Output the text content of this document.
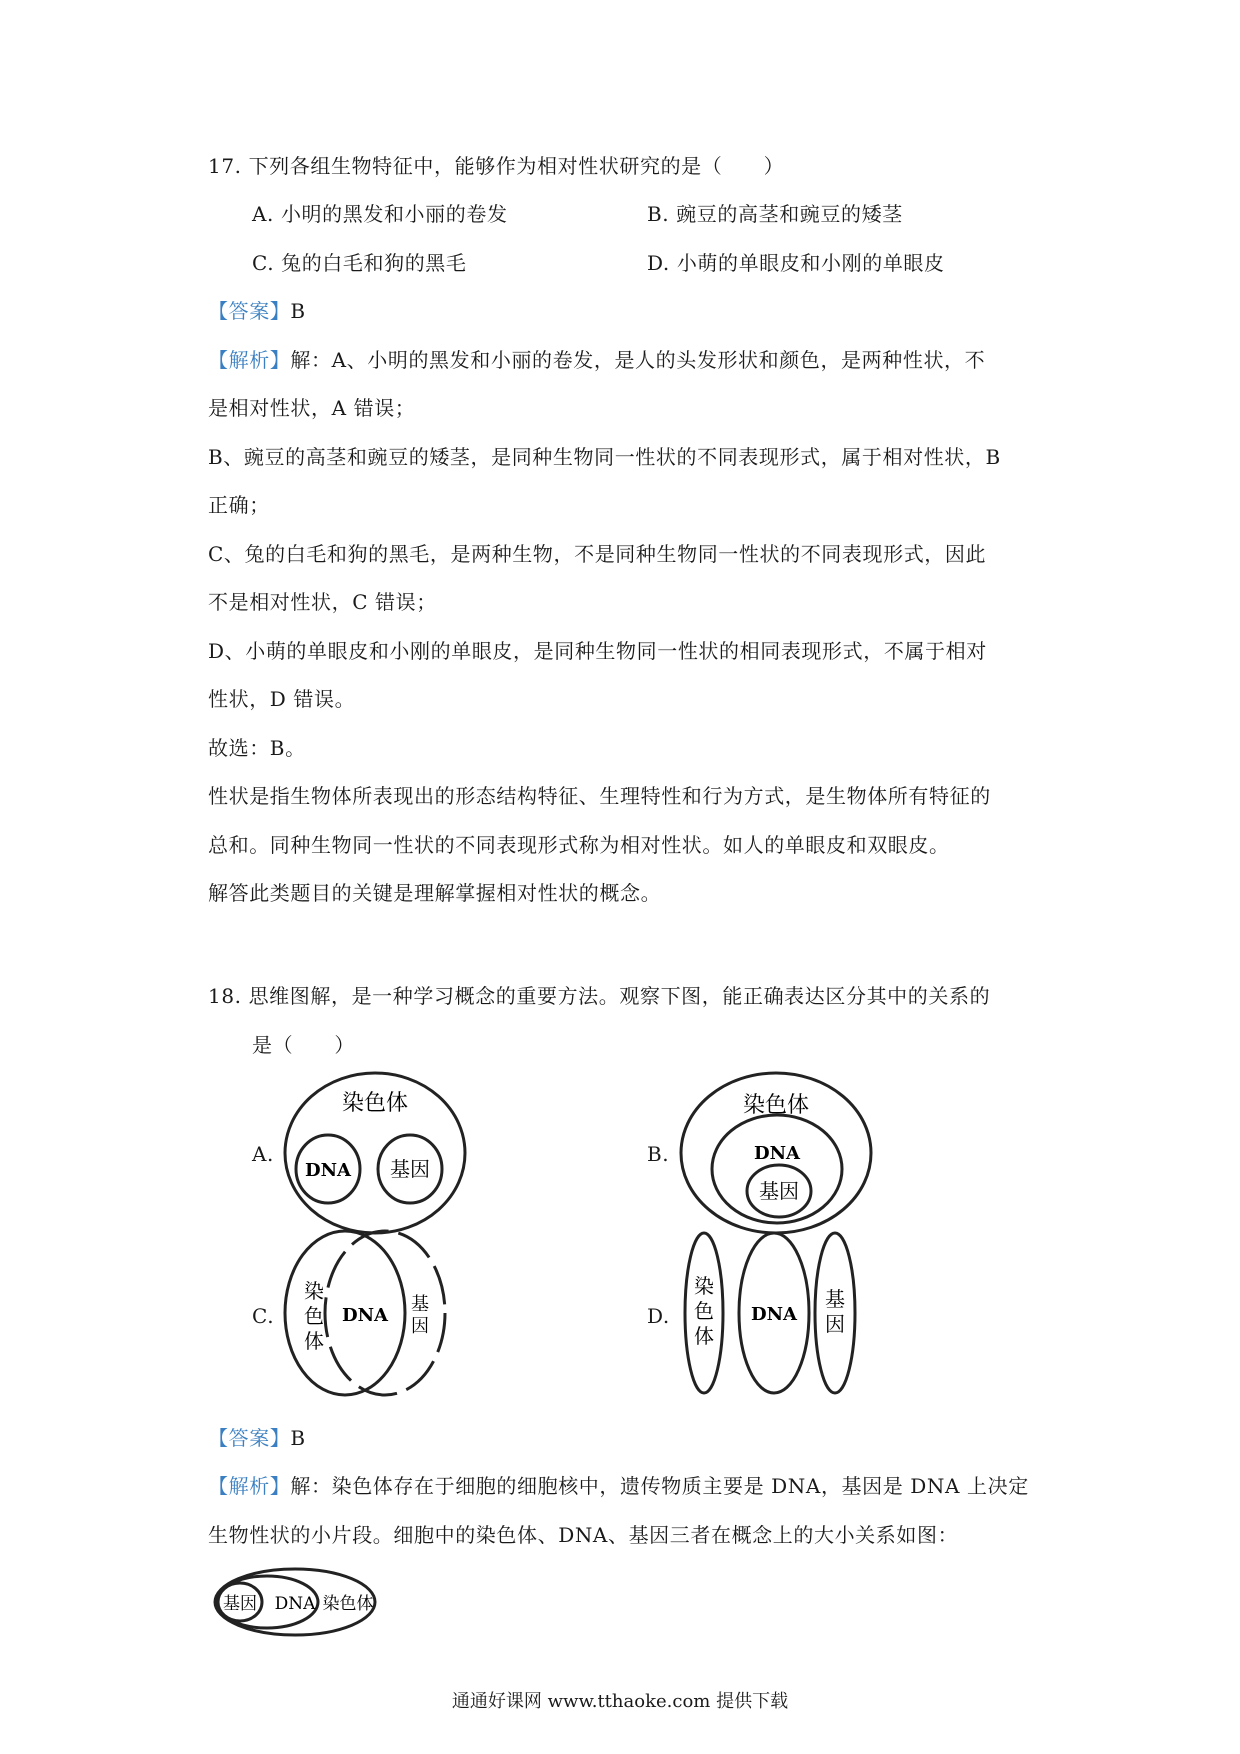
17. 下列各组生物特征中，能够作为相对性状研究的是（　　）
A. 小明的黑发和小丽的卷发	B. 豌豆的高茎和豌豆的矮茎
C. 兔的白毛和狗的黑毛	D. 小萌的单眼皮和小刚的单眼皮
【答案】B
【解析】解：A、小明的黑发和小丽的卷发，是人的头发形状和颜色，是两种性状，不
是相对性状，A 错误；
B、豌豆的高茎和豌豆的矮茎，是同种生物同一性状的不同表现形式，属于相对性状，B
正确；
C、兔的白毛和狗的黑毛，是两种生物，不是同种生物同一性状的不同表现形式，因此
不是相对性状，C 错误；
D、小萌的单眼皮和小刚的单眼皮，是同种生物同一性状的相同表现形式，不属于相对
性状，D 错误。
故选：B。
性状是指生物体所表现出的形态结构特征、生理特性和行为方式，是生物体所有特征的
总和。同种生物同一性状的不同表现形式称为相对性状。如人的单眼皮和双眼皮。
解答此类题目的关键是理解掌握相对性状的概念。
18. 思维图解，是一种学习概念的重要方法。观察下图，能正确表达区分其中的关系的
是（　　）
A.	B.
C.	D.
染色体
DNA 基因
染色体
DNA
基因
染
色
体
DNA
基
因
染
色
体
DNA
基
因
【答案】B
【解析】解：染色体存在于细胞的细胞核中，遗传物质主要是 DNA，基因是 DNA 上决定
生物性状的小片段。细胞中的染色体、DNA、基因三者在概念上的大小关系如图：
基因 DNA 染色体
通通好课网 www.tthaoke.com 提供下载
